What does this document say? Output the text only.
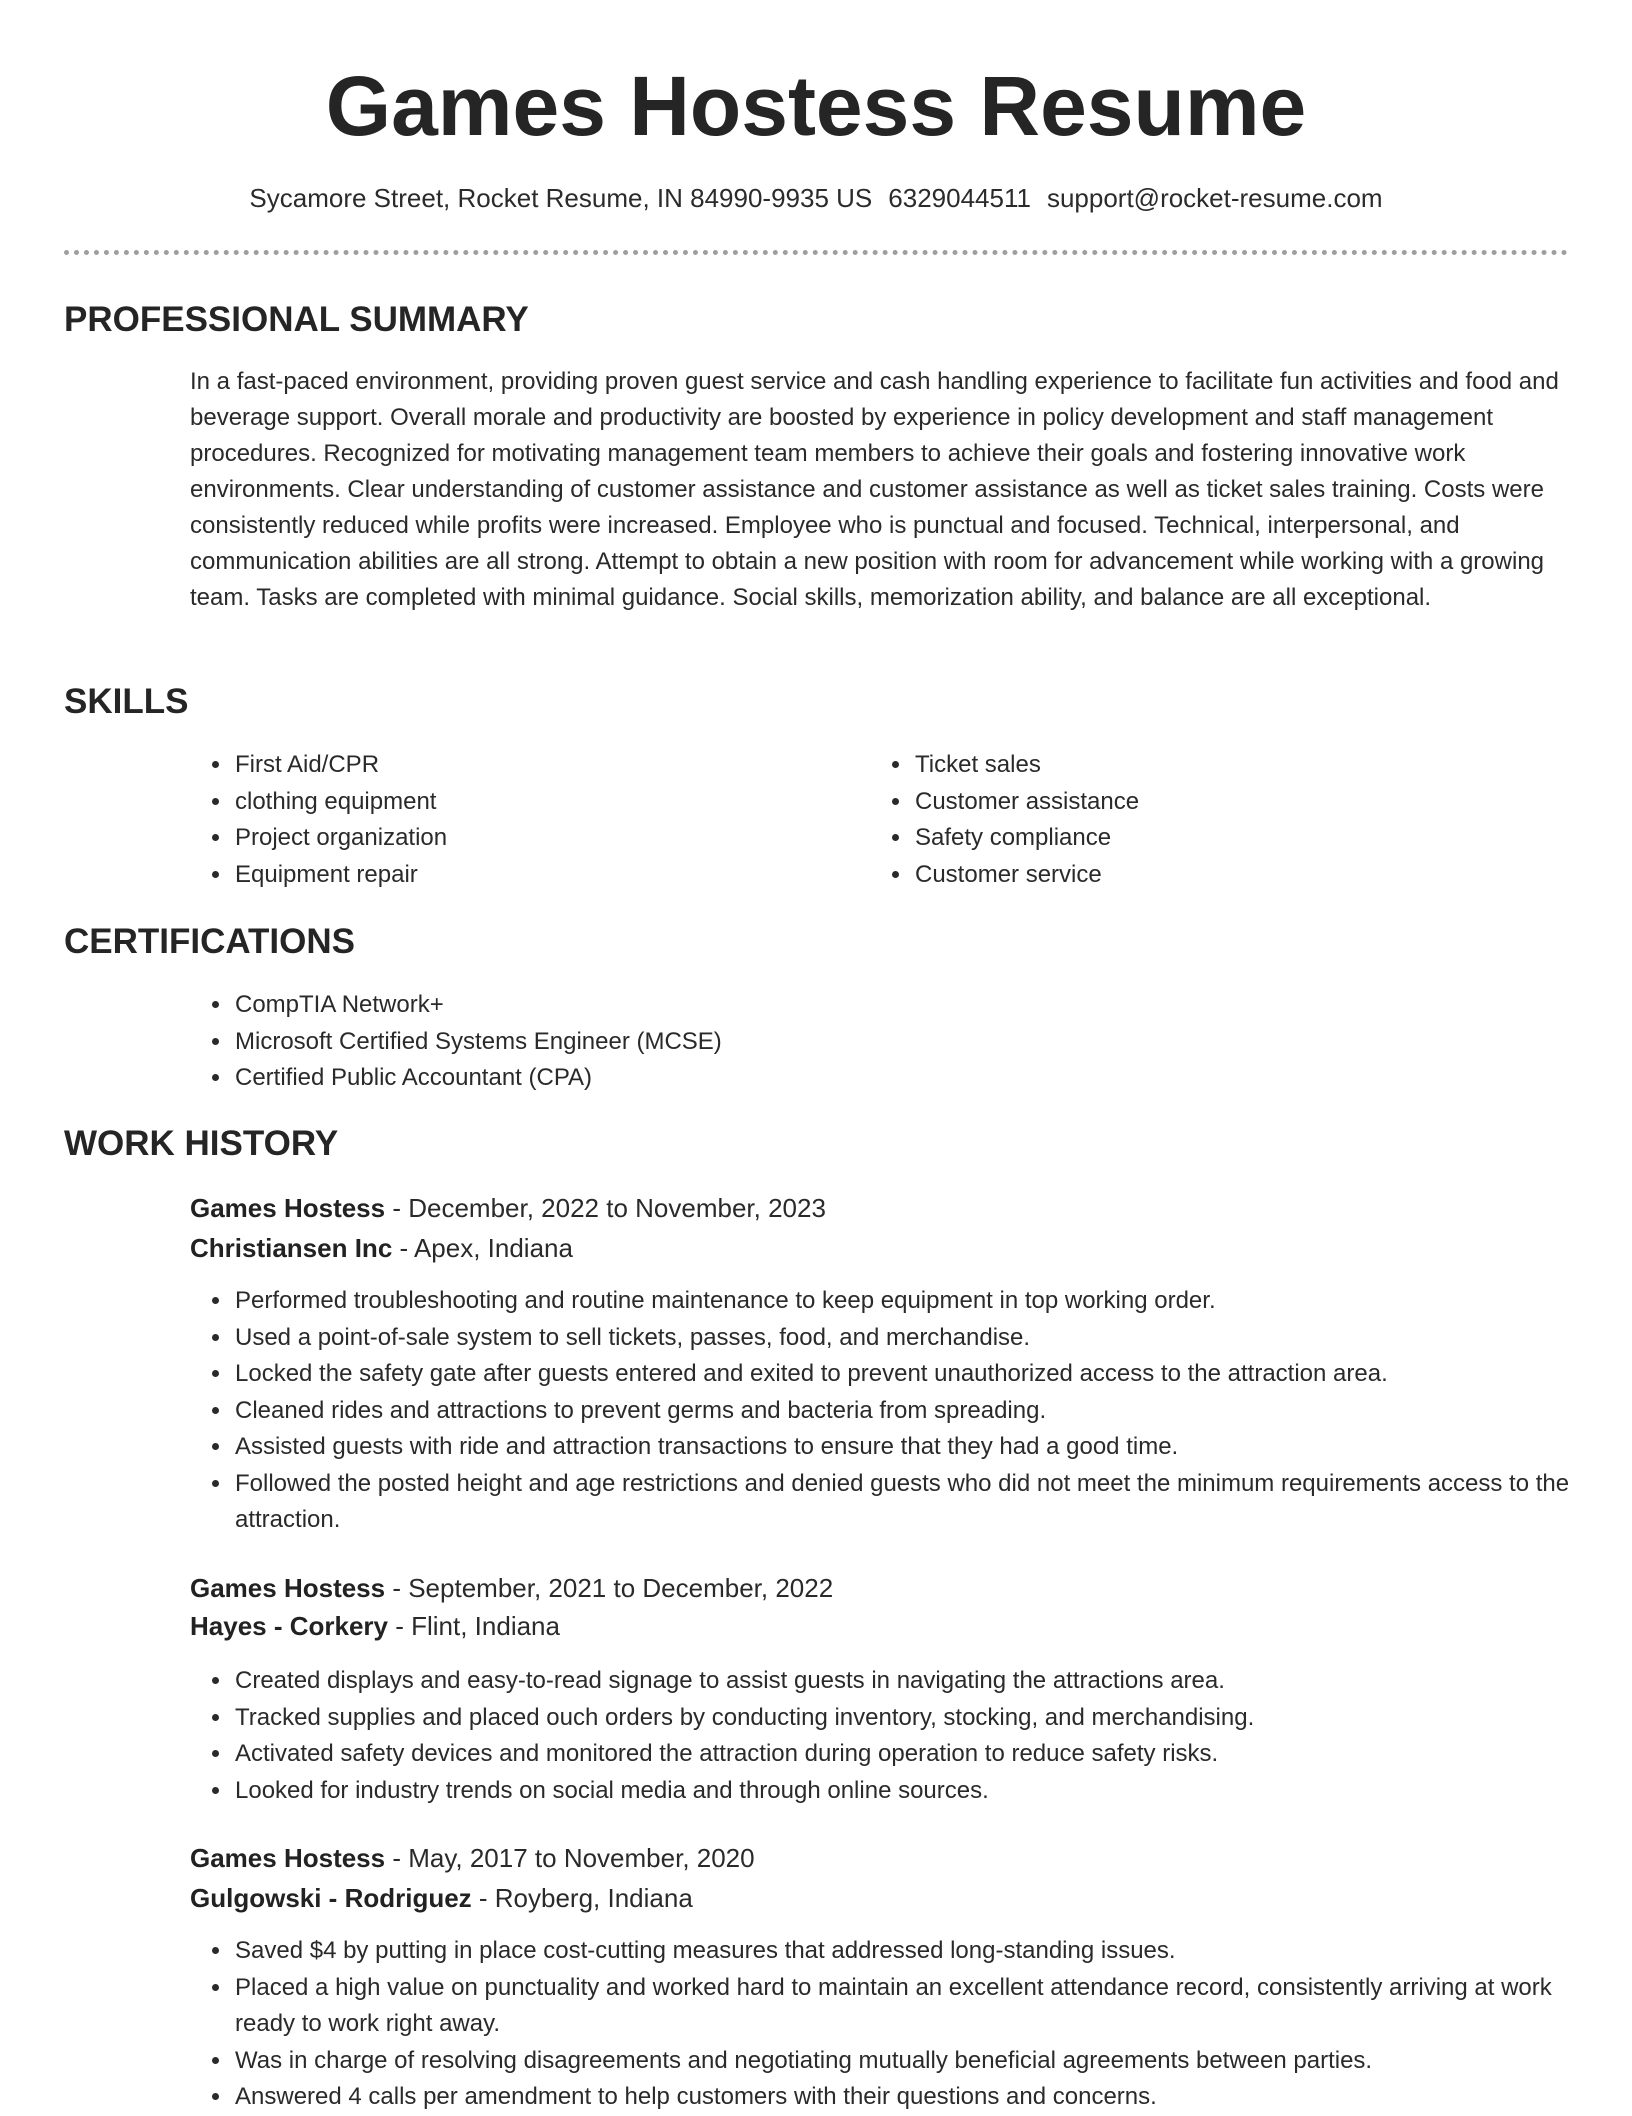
Games Hostess Resume
Sycamore Street, Rocket Resume, IN 84990-9935 US 6329044511 support@rocket-resume.com
PROFESSIONAL SUMMARY

In a fast-paced environment, providing proven guest service and cash handling experience to facilitate fun activities and food and beverage support. Overall morale and productivity are boosted by experience in policy development and staff management procedures. Recognized for motivating management team members to achieve their goals and fostering innovative work environments. Clear understanding of customer assistance and customer assistance as well as ticket sales training. Costs were consistently reduced while profits were increased. Employee who is punctual and focused. Technical, interpersonal, and communication abilities are all strong. Attempt to obtain a new position with room for advancement while working with a growing team. Tasks are completed with minimal guidance. Social skills, memorization ability, and balance are all exceptional.

SKILLS
• First Aid/CPR
• clothing equipment
• Project organization
• Equipment repair
• Ticket sales
• Customer assistance
• Safety compliance
• Customer service
CERTIFICATIONS
• CompTIA Network+
• Microsoft Certified Systems Engineer (MCSE)
• Certified Public Accountant (CPA)
WORK HISTORY
Games Hostess - December, 2022 to November, 2023
Christiansen Inc - Apex, Indiana
• Performed troubleshooting and routine maintenance to keep equipment in top working order.
• Used a point-of-sale system to sell tickets, passes, food, and merchandise.
• Locked the safety gate after guests entered and exited to prevent unauthorized access to the attraction area.
• Cleaned rides and attractions to prevent germs and bacteria from spreading.
• Assisted guests with ride and attraction transactions to ensure that they had a good time.
• Followed the posted height and age restrictions and denied guests who did not meet the minimum requirements access to the attraction.
Games Hostess - September, 2021 to December, 2022
Hayes - Corkery - Flint, Indiana
• Created displays and easy-to-read signage to assist guests in navigating the attractions area.
• Tracked supplies and placed ouch orders by conducting inventory, stocking, and merchandising.
• Activated safety devices and monitored the attraction during operation to reduce safety risks.
• Looked for industry trends on social media and through online sources.
Games Hostess - May, 2017 to November, 2020
Gulgowski - Rodriguez - Royberg, Indiana
• Saved $4 by putting in place cost-cutting measures that addressed long-standing issues.
• Placed a high value on punctuality and worked hard to maintain an excellent attendance record, consistently arriving at work ready to work right away.
• Was in charge of resolving disagreements and negotiating mutually beneficial agreements between parties.
• Answered 4 calls per amendment to help customers with their questions and concerns.
